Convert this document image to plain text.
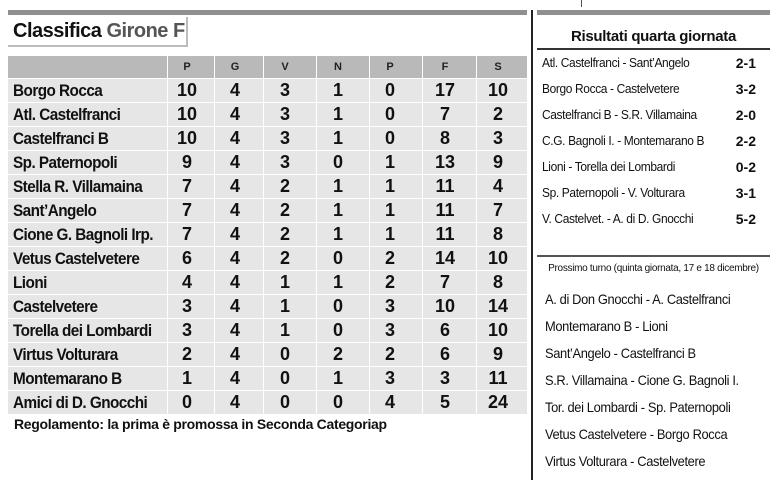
Classifica Girone F
P	G	V	N	P	F	S
Borgo Rocca	10	4	3	1	0	17	10
Atl. Castelfranci	10	4	3	1	0	7	2
Castelfranci B	10	4	3	1	0	8	3
Sp. Paternopoli	9	4	3	0	1	13	9
Stella R. Villamaina	7	4	2	1	1	11	4
Sant’Angelo	7	4	2	1	1	11	7
Cione G. Bagnoli Irp.	7	4	2	1	1	11	8
Vetus Castelvetere	6	4	2	0	2	14	10
Lioni	4	4	1	1	2	7	8
Castelvetere	3	4	1	0	3	10	14
Torella dei Lombardi	3	4	1	0	3	6	10
Virtus Volturara	2	4	0	2	2	6	9
Montemarano B	1	4	0	1	3	3	11
Amici di D. Gnocchi	0	4	0	0	4	5	24
Regolamento: la prima è promossa in Seconda Categoriap
Risultati quarta giornata
Atl. Castelfranci - Sant’Angelo	2-1
Borgo Rocca - Castelvetere	3-2
Castelfranci B - S.R. Villamaina	2-0
C.G. Bagnoli I. - Montemarano B 2-2
Lioni - Torella dei Lombardi	0-2
Sp. Paternopoli - V. Volturara	3-1
V. Castelvet. - A. di D. Gnocchi	5-2
Prossimo turno (quinta giornata, 17 e 18 dicembre)
A. di Don Gnocchi - A. Castelfranci
Montemarano B - Lioni
Sant’Angelo - Castelfranci B
S.R. Villamaina - Cione G. Bagnoli I.
Tor. dei Lombardi - Sp. Paternopoli
Vetus Castelvetere - Borgo Rocca
Virtus Volturara - Castelvetere
